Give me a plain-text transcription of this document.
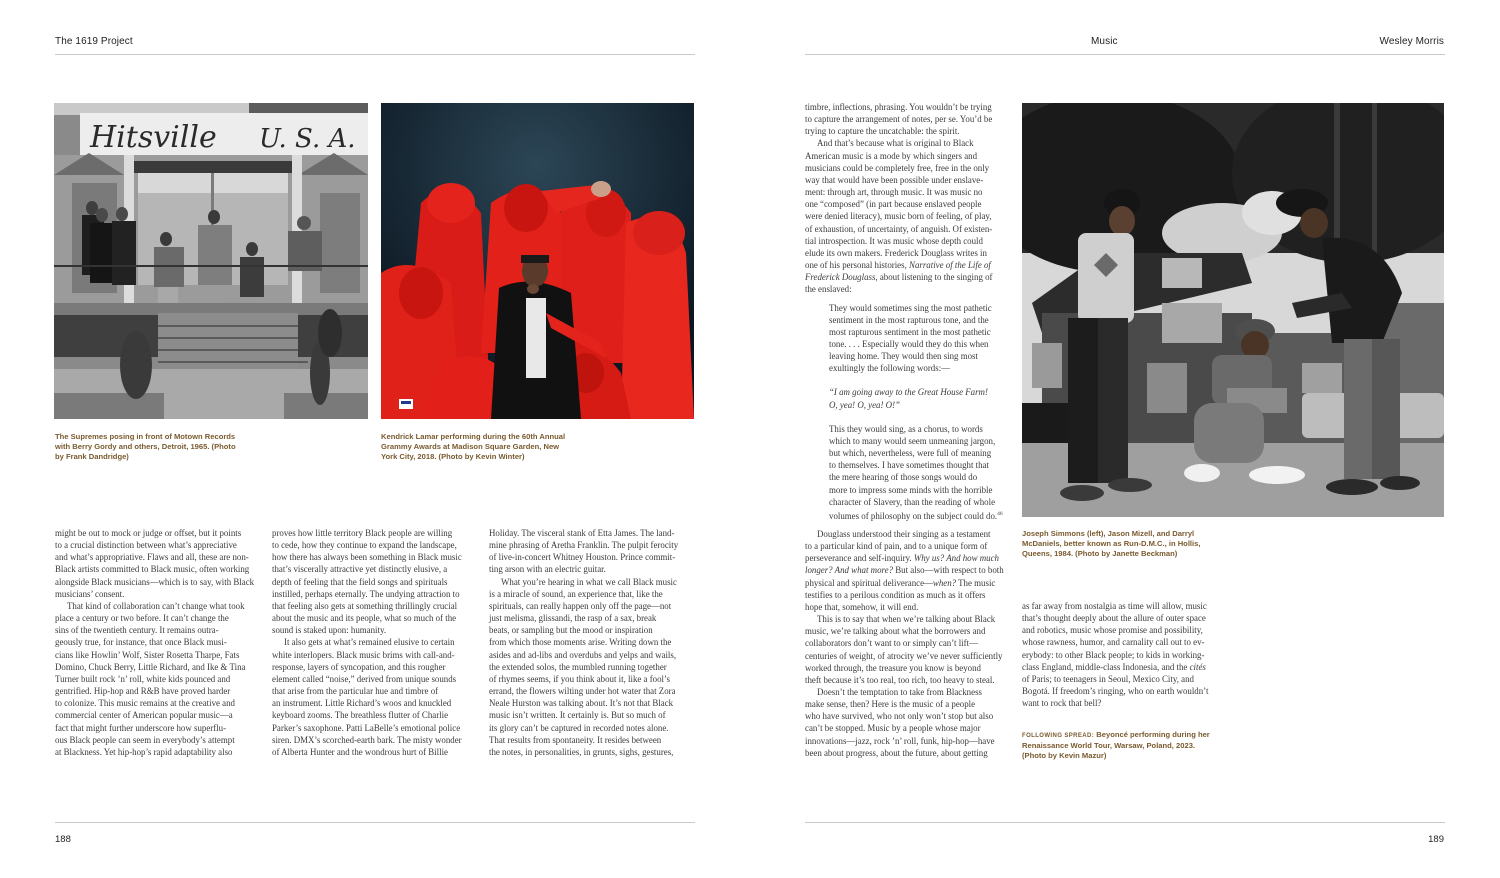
The 1619 Project
Hitsville U. S. A.
The Supremes posing in front of Motown Records
with Berry Gordy and others, Detroit, 1965. (Photo
by Frank Dandridge)
Kendrick Lamar performing during the 60th Annual
Grammy Awards at Madison Square Garden, New
York City, 2018. (Photo by Kevin Winter)
might be out to mock or judge or offset, but it points
to a crucial distinction between what’s appreciative
and what’s appropriative. Flaws and all, these are non-
Black artists committed to Black music, often working
alongside Black musicians—which is to say, with Black
musicians’ consent.
That kind of collaboration can’t change what took
place a century or two before. It can’t change the
sins of the twentieth century. It remains outra-
geously true, for instance, that once Black musi-
cians like Howlin’ Wolf, Sister Rosetta Tharpe, Fats
Domino, Chuck Berry, Little Richard, and Ike & Tina
Turner built rock ’n’ roll, white kids pounced and
gentrified. Hip-hop and R&B have proved harder
to colonize. This music remains at the creative and
commercial center of American popular music—a
fact that might further underscore how superflu-
ous Black people can seem in everybody’s attempt
at Blackness. Yet hip-hop’s rapid adaptability also
proves how little territory Black people are willing
to cede, how they continue to expand the landscape,
how there has always been something in Black music
that’s viscerally attractive yet distinctly elusive, a
depth of feeling that the field songs and spirituals
instilled, perhaps eternally. The undying attraction to
that feeling also gets at something thrillingly crucial
about the music and its people, what so much of the
sound is staked upon: humanity.
It also gets at what’s remained elusive to certain
white interlopers. Black music brims with call-and-
response, layers of syncopation, and this rougher
element called “noise,” derived from unique sounds
that arise from the particular hue and timbre of
an instrument. Little Richard’s woos and knuckled
keyboard zooms. The breathless flutter of Charlie
Parker’s saxophone. Patti LaBelle’s emotional police
siren. DMX’s scorched-earth bark. The misty wonder
of Alberta Hunter and the wondrous hurt of Billie
Holiday. The visceral stank of Etta James. The land-
mine phrasing of Aretha Franklin. The pulpit ferocity
of live-in-concert Whitney Houston. Prince commit-
ting arson with an electric guitar.
What you’re hearing in what we call Black music
is a miracle of sound, an experience that, like the
spirituals, can really happen only off the page—not
just melisma, glissandi, the rasp of a sax, break
beats, or sampling but the mood or inspiration
from which those moments arise. Writing down the
asides and ad-libs and overdubs and yelps and wails,
the extended solos, the mumbled running together
of rhymes seems, if you think about it, like a fool’s
errand, the flowers wilting under hot water that Zora
Neale Hurston was talking about. It’s not that Black
music isn’t written. It certainly is. But so much of
its glory can’t be captured in recorded notes alone.
That results from spontaneity. It resides between
the notes, in personalities, in grunts, sighs, gestures,
188
Music	Wesley Morris
timbre, inflections, phrasing. You wouldn’t be trying
to capture the arrangement of notes, per se. You’d be
trying to capture the uncatchable: the spirit.
And that’s because what is original to Black
American music is a mode by which singers and
musicians could be completely free, free in the only
way that would have been possible under enslave-
ment: through art, through music. It was music no
one “composed” (in part because enslaved people
were denied literacy), music born of feeling, of play,
of exhaustion, of uncertainty, of anguish. Of existen-
tial introspection. It was music whose depth could
elude its own makers. Frederick Douglass writes in
one of his personal histories, Narrative of the Life of
Frederick Douglass, about listening to the singing of
the enslaved:
They would sometimes sing the most pathetic
sentiment in the most rapturous tone, and the
most rapturous sentiment in the most pathetic
tone. . . . Especially would they do this when
leaving home. They would then sing most
exultingly the following words:—
“I am going away to the Great House Farm!
O, yea! O, yea! O!”
This they would sing, as a chorus, to words
which to many would seem unmeaning jargon,
but which, nevertheless, were full of meaning
to themselves. I have sometimes thought that
the mere hearing of those songs would do
more to impress some minds with the horrible
character of Slavery, than the reading of whole
volumes of philosophy on the subject could do.$^{46}$
Douglass understood their singing as a testament
to a particular kind of pain, and to a unique form of
perseverance and self-inquiry. Why us? And how much
longer? And what more? But also—with respect to both
physical and spiritual deliverance—when? The music
testifies to a perilous condition as much as it offers
hope that, somehow, it will end.
This is to say that when we’re talking about Black
music, we’re talking about what the borrowers and
collaborators don’t want to or simply can’t lift—
centuries of weight, of atrocity we’ve never sufficiently
worked through, the treasure you know is beyond
theft because it’s too real, too rich, too heavy to steal.
Doesn’t the temptation to take from Blackness
make sense, then? Here is the music of a people
who have survived, who not only won’t stop but also
can’t be stopped. Music by a people whose major
innovations—jazz, rock ’n’ roll, funk, hip-hop—have
been about progress, about the future, about getting
Joseph Simmons (left), Jason Mizell, and Darryl
McDaniels, better known as Run-D.M.C., in Hollis,
Queens, 1984. (Photo by Janette Beckman)
as far away from nostalgia as time will allow, music
that’s thought deeply about the allure of outer space
and robotics, music whose promise and possibility,
whose rawness, humor, and carnality call out to ev-
erybody: to other Black people; to kids in working-
class England, middle-class Indonesia, and the cités
of Paris; to teenagers in Seoul, Mexico City, and
Bogotá. If freedom’s ringing, who on earth wouldn’t
want to rock that bell?
FOLLOWING SPREAD: Beyoncé performing during her
Renaissance World Tour, Warsaw, Poland, 2023.
(Photo by Kevin Mazur)
189
